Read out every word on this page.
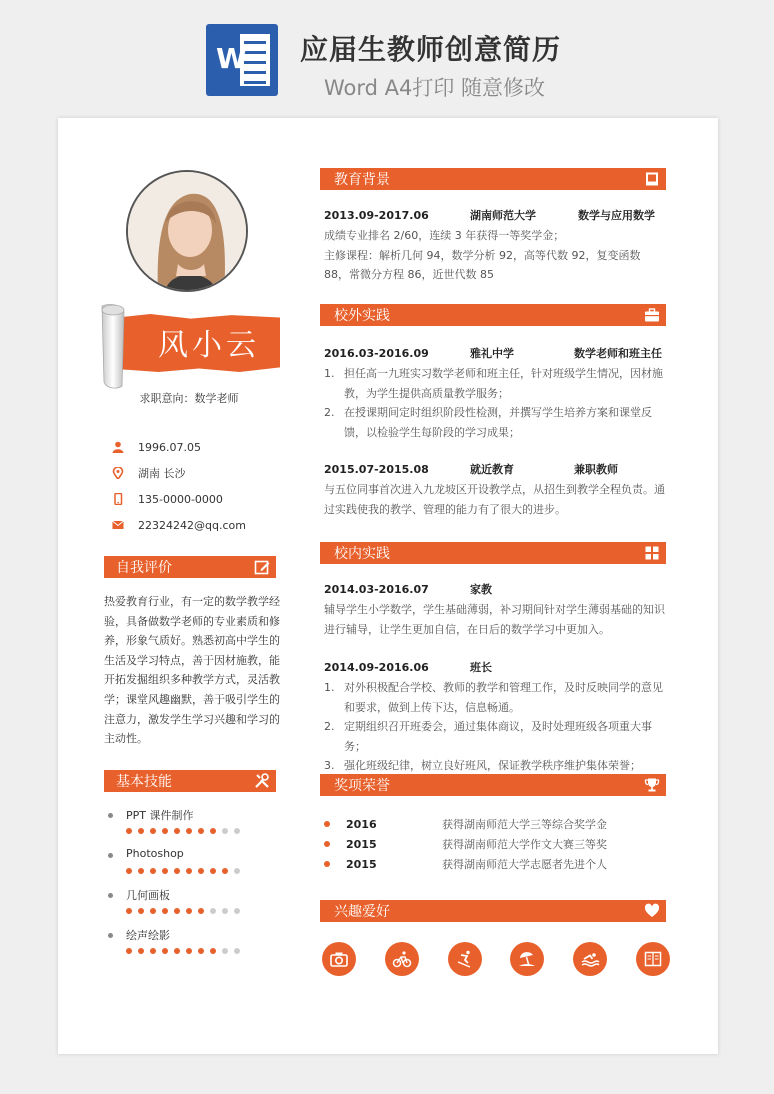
W 应届生教师创意简历
Word A4打印 随意修改
风小云
求职意向：数学老师
1996.07.05
湖南 长沙
135-0000-0000
22324242@qq.com
自我评价
热爱教育行业，有一定的数学教学经验，具备做数学老师的专业素质和修养，形象气质好。熟悉初高中学生的生活及学习特点，善于因材施教，能开拓发掘组织多种教学方式，灵活教学；课堂风趣幽默，善于吸引学生的注意力，激发学生学习兴趣和学习的主动性。
基本技能
PPT 课件制作
Photoshop
几何画板
绘声绘影
教育背景
2013.09-2017.06	湖南师范大学	数学与应用数学
成绩专业排名 2/60，连续 3 年获得一等奖学金；
主修课程：解析几何 94，数学分析 92，高等代数 92，复变函数 88，常微分方程 86，近世代数 85
校外实践
2016.03-2016.09	雅礼中学	数学老师和班主任
1. 担任高一九班实习数学老师和班主任，针对班级学生情况，因材施教，为学生提供高质量教学服务；
2. 在授课期间定时组织阶段性检测，并撰写学生培养方案和课堂反馈，以检验学生每阶段的学习成果；
2015.07-2015.08	就近教育	兼职教师
与五位同事首次进入九龙坡区开设教学点，从招生到教学全程负责。通过实践使我的教学、管理的能力有了很大的进步。
校内实践
2014.03-2016.07	家教
辅导学生小学数学，学生基础薄弱，补习期间针对学生薄弱基础的知识进行辅导，让学生更加自信，在日后的数学学习中更加入。
2014.09-2016.06	班长
1. 对外积极配合学校、教师的教学和管理工作，及时反映同学的意见和要求，做到上传下达，信息畅通。
2. 定期组织召开班委会，通过集体商议，及时处理班级各项重大事务；
3. 强化班级纪律，树立良好班风，保证教学秩序维护集体荣誉；
奖项荣誉
2016	获得湖南师范大学三等综合奖学金
2015	获得湖南师范大学作文大赛三等奖
2015	获得湖南师范大学志愿者先进个人
兴趣爱好
